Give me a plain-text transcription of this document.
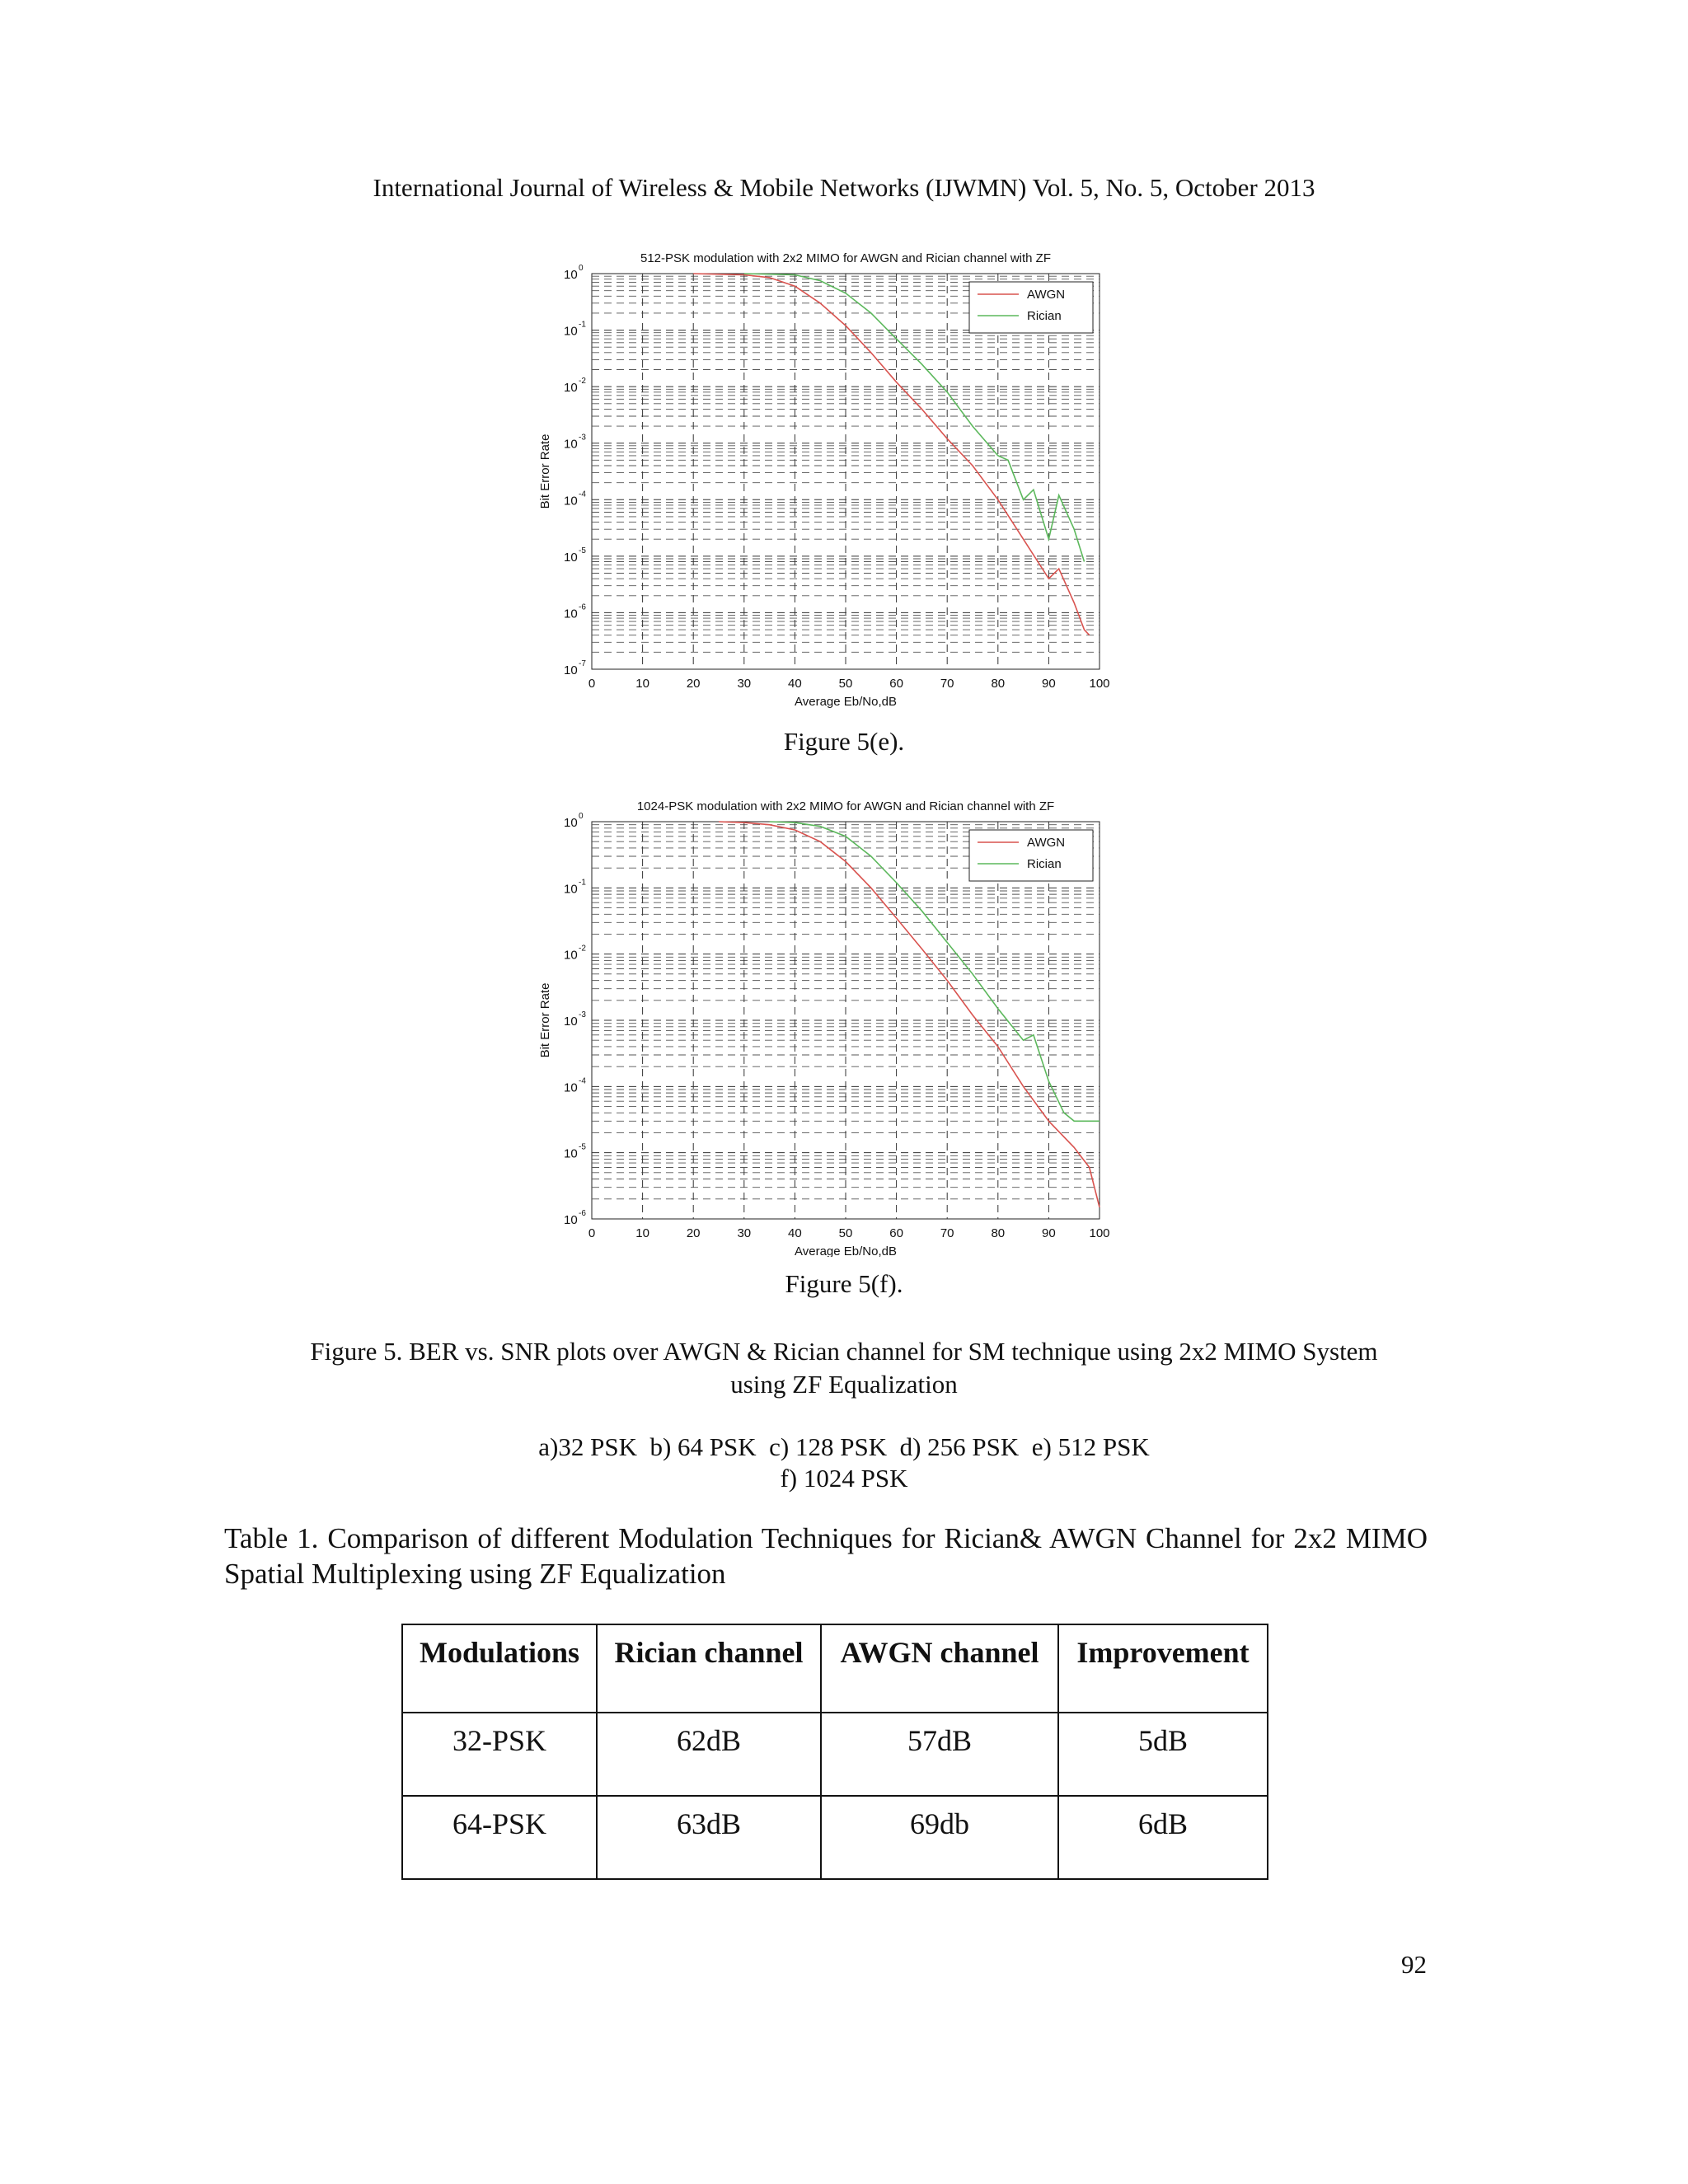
International Journal of Wireless & Mobile Networks (IJWMN) Vol. 5, No. 5, October 2013
512-PSK modulation with 2x2 MIMO for AWGN and Rician channel with ZF
10 0
10 -1
10 -2
10 -3
10 -4
10 -5
10 -6
10 -7
0	10	20	30	40	50	60	70	80	90	100
Average Eb/No,dB
Bit Error Rate
AWGN
Rician
Figure 5(e).
1024-PSK modulation with 2x2 MIMO for AWGN and Rician channel with ZF
10 0
10 -1
10 -2
10 -3
10 -4
10 -5
10 -6
0	10	20	30	40	50	60	70	80	90	100
Average Eb/No,dB
Bit Error Rate
AWGN
Rician
Figure 5(f).
Figure 5. BER vs. SNR plots over AWGN & Rician channel for SM technique using 2x2 MIMO System
using ZF Equalization
a)32 PSK  b) 64 PSK  c) 128 PSK  d) 256 PSK  e) 512 PSK
f) 1024 PSK
Table 1. Comparison of different Modulation Techniques for Rician& AWGN Channel for 2x2 MIMO Spatial Multiplexing using ZF Equalization
Modulations	Rician channel	AWGN channel	Improvement
32-PSK	62dB	57dB	5dB
64-PSK	63dB	69db	6dB
92
